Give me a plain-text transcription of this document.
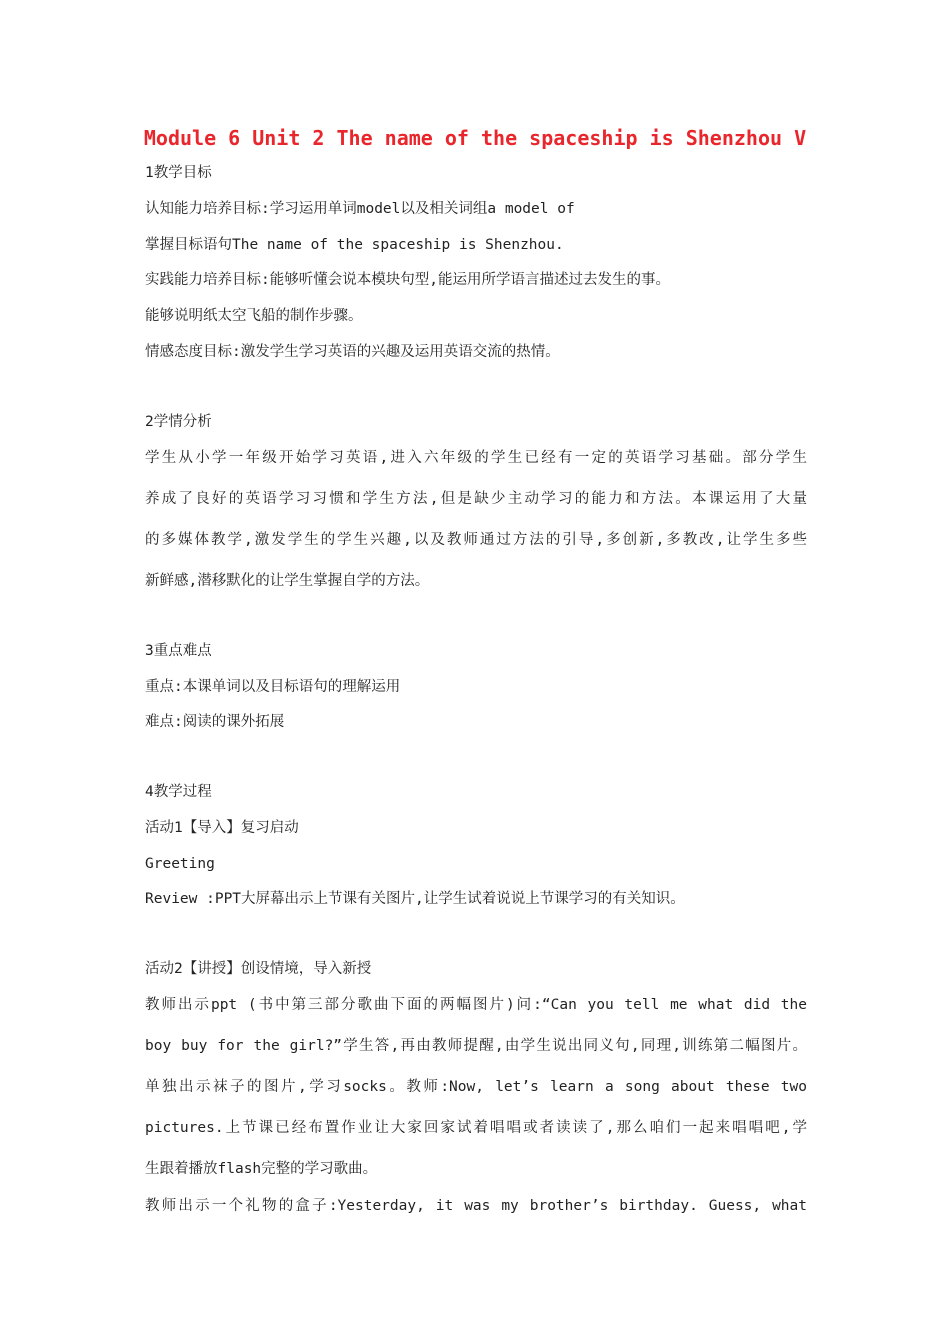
Module 6 Unit 2 The name of the spaceship is Shenzhou V
1教学目标
认知能力培养目标:学习运用单词model以及相关词组a model of
掌握目标语句The name of the spaceship is Shenzhou.
实践能力培养目标:能够听懂会说本模块句型,能运用所学语言描述过去发生的事。
能够说明纸太空飞船的制作步骤。
情感态度目标:激发学生学习英语的兴趣及运用英语交流的热情。
2学情分析
学生从小学一年级开始学习英语,进入六年级的学生已经有一定的英语学习基础。部分学生
养成了良好的英语学习习惯和学生方法,但是缺少主动学习的能力和方法。本课运用了大量
的多媒体教学,激发学生的学生兴趣,以及教师通过方法的引导,多创新,多教改,让学生多些
新鲜感,潜移默化的让学生掌握自学的方法。
3重点难点
重点:本课单词以及目标语句的理解运用
难点:阅读的课外拓展
4教学过程
活动1【导入】复习启动
Greeting
Review :PPT大屏幕出示上节课有关图片,让学生试着说说上节课学习的有关知识。
活动2【讲授】创设情境，导入新授
教师出示ppt (书中第三部分歌曲下面的两幅图片)问:“Can you tell me what did the
boy buy for the girl?”学生答,再由教师提醒,由学生说出同义句,同理,训练第二幅图片。
单独出示袜子的图片,学习socks。教师:Now, let’s learn a song about these two
pictures.上节课已经布置作业让大家回家试着唱唱或者读读了,那么咱们一起来唱唱吧,学
生跟着播放flash完整的学习歌曲。
教师出示一个礼物的盒子:Yesterday, it was my brother’s birthday. Guess, what
